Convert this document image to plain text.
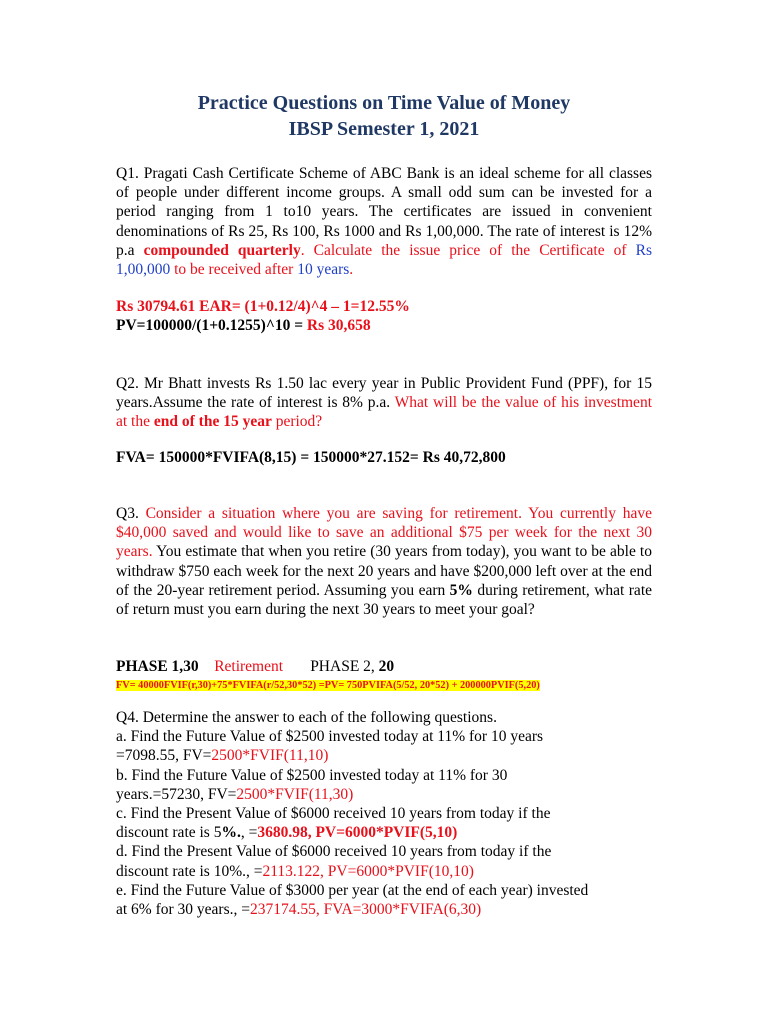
Practice Questions on Time Value of Money
IBSP Semester 1, 2021
Q1. Pragati Cash Certificate Scheme of ABC Bank is an ideal scheme for all classes of people under different income groups. A small odd sum can be invested for a period ranging from 1 to10 years. The certificates are issued in convenient denominations of Rs 25, Rs 100, Rs 1000 and Rs 1,00,000. The rate of interest is 12% p.a compounded quarterly. Calculate the issue price of the Certificate of Rs 1,00,000 to be received after 10 years.
Rs 30794.61 EAR= (1+0.12/4)^4 – 1=12.55%
PV=100000/(1+0.1255)^10 = Rs 30,658
Q2. Mr Bhatt invests Rs 1.50 lac every year in Public Provident Fund (PPF), for 15 years.Assume the rate of interest is 8% p.a. What will be the value of his investment at the end of the 15 year period?
FVA= 150000*FVIFA(8,15) = 150000*27.152= Rs 40,72,800
Q3. Consider a situation where you are saving for retirement. You currently have $40,000 saved and would like to save an additional $75 per week for the next 30 years. You estimate that when you retire (30 years from today), you want to be able to withdraw $750 each week for the next 20 years and have $200,000 left over at the end of the 20-year retirement period. Assuming you earn 5% during retirement, what rate of return must you earn during the next 30 years to meet your goal?
PHASE 1,30 Retirement PHASE 2, 20
FV= 40000FVIF(r,30)+75*FVIFA(r/52,30*52) =PV= 750PVIFA(5/52, 20*52) + 200000PVIF(5,20)
Q4. Determine the answer to each of the following questions.
a. Find the Future Value of $2500 invested today at 11% for 10 years
=7098.55, FV=2500*FVIF(11,10)
b. Find the Future Value of $2500 invested today at 11% for 30
years.=57230, FV=2500*FVIF(11,30)
c. Find the Present Value of $6000 received 10 years from today if the
discount rate is 5%., =3680.98, PV=6000*PVIF(5,10)
d. Find the Present Value of $6000 received 10 years from today if the
discount rate is 10%., =2113.122, PV=6000*PVIF(10,10)
e. Find the Future Value of $3000 per year (at the end of each year) invested
at 6% for 30 years., =237174.55, FVA=3000*FVIFA(6,30)
